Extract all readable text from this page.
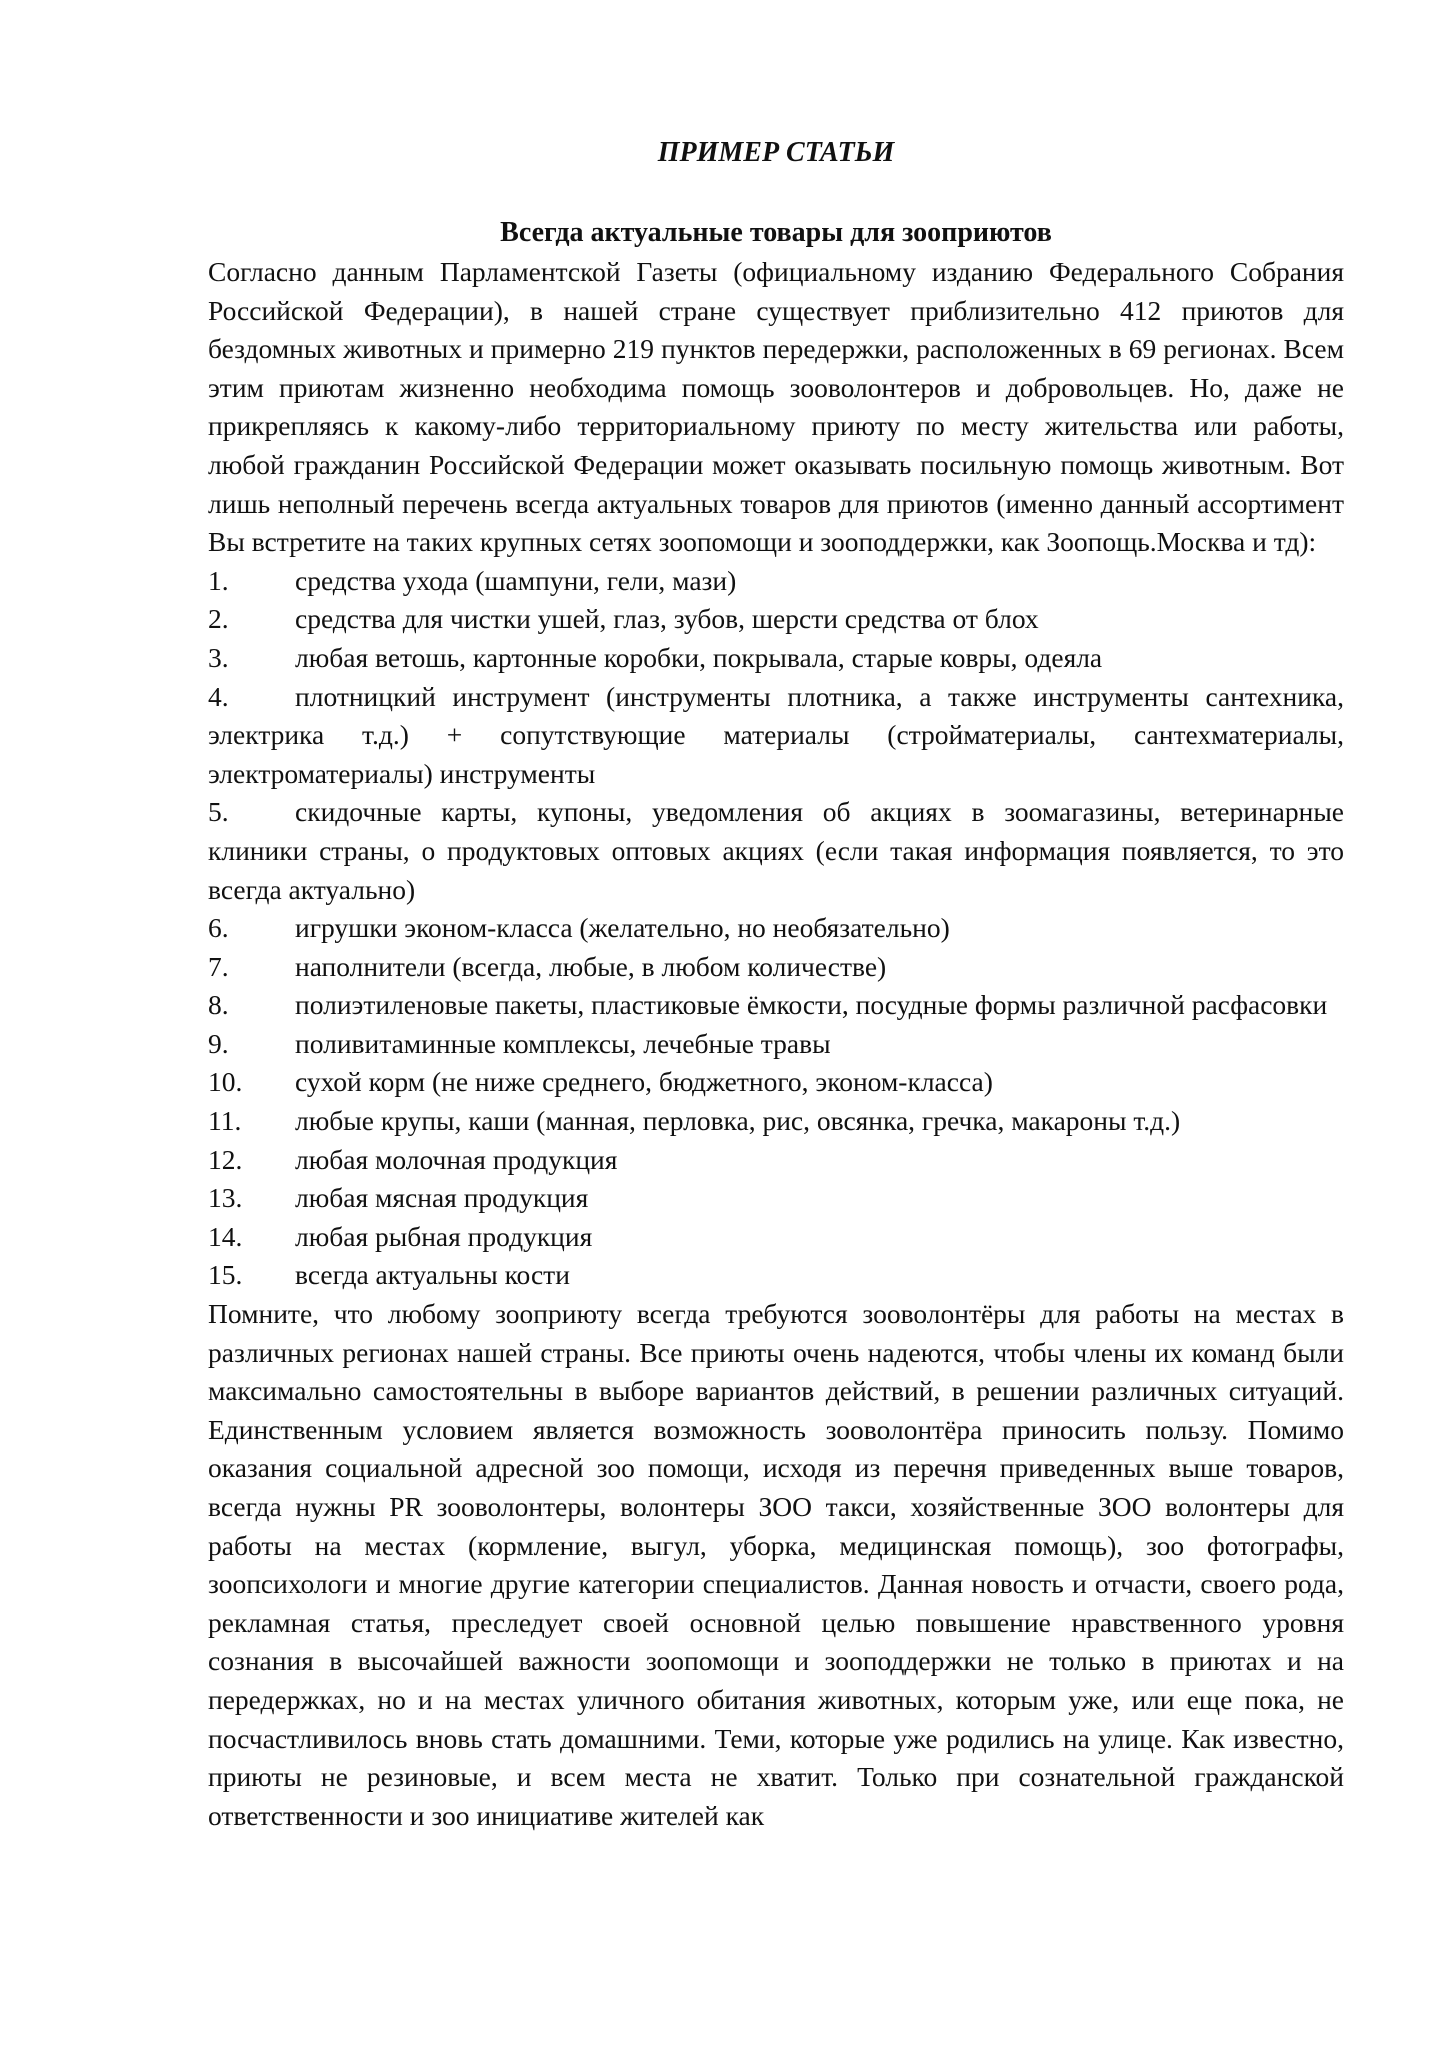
ПРИМЕР СТАТЬИ
Всегда актуальные товары для зооприютов

Согласно данным Парламентской Газеты (официальному изданию Федерального Собрания Российской Федерации), в нашей стране существует приблизительно 412 приютов для бездомных животных и примерно 219 пунктов передержки, расположенных в 69 регионах. Всем этим приютам жизненно необходима помощь зооволонтеров и добровольцев. Но, даже не прикрепляясь к какому-либо территориальному приюту по месту жительства или работы, любой гражданин Российской Федерации может оказывать посильную помощь животным. Вот лишь неполный перечень всегда актуальных товаров для приютов (именно данный ассортимент Вы встретите на таких крупных сетях зоопомощи и зооподдержки, как Зоопощь.Москва и тд):

1. средства ухода (шампуни, гели, мази)
2. средства для чистки ушей, глаз, зубов, шерсти средства от блох
3. любая ветошь, картонные коробки, покрывала, старые ковры, одеяла
4. плотницкий инструмент (инструменты плотника, а также инструменты сантехника, электрика т.д.) + сопутствующие материалы (стройматериалы, сантехматериалы, электроматериалы) инструменты
5. скидочные карты, купоны, уведомления об акциях в зоомагазины, ветеринарные клиники страны, о продуктовых оптовых акциях (если такая информация появляется, то это всегда актуально)
6. игрушки эконом-класса (желательно, но необязательно)
7. наполнители (всегда, любые, в любом количестве)
8. полиэтиленовые пакеты, пластиковые ёмкости, посудные формы различной расфасовки
9. поливитаминные комплексы, лечебные травы
10. сухой корм (не ниже среднего, бюджетного, эконом-класса)
11. любые крупы, каши (манная, перловка, рис, овсянка, гречка, макароны т.д.)
12. любая молочная продукция
13. любая мясная продукция
14. любая рыбная продукция
15. всегда актуальны кости

Помните, что любому зооприюту всегда требуются зооволонтёры для работы на местах в различных регионах нашей страны. Все приюты очень надеются, чтобы члены их команд были максимально самостоятельны в выборе вариантов действий, в решении различных ситуаций. Единственным условием является возможность зооволонтёра приносить пользу. Помимо оказания социальной адресной зоо помощи, исходя из перечня приведенных выше товаров, всегда нужны PR зооволонтеры, волонтеры ЗОО такси, хозяйственные ЗОО волонтеры для работы на местах (кормление, выгул, уборка, медицинская помощь), зоо фотографы, зоопсихологи и многие другие категории специалистов. Данная новость и отчасти, своего рода, рекламная статья, преследует своей основной целью повышение нравственного уровня сознания в высочайшей важности зоопомощи и зооподдержки не только в приютах и на передержках, но и на местах уличного обитания животных, которым уже, или еще пока, не посчастливилось вновь стать домашними. Теми, которые уже родились на улице. Как известно, приюты не резиновые, и всем места не хватит. Только при сознательной гражданской ответственности и зоо инициативе жителей как
